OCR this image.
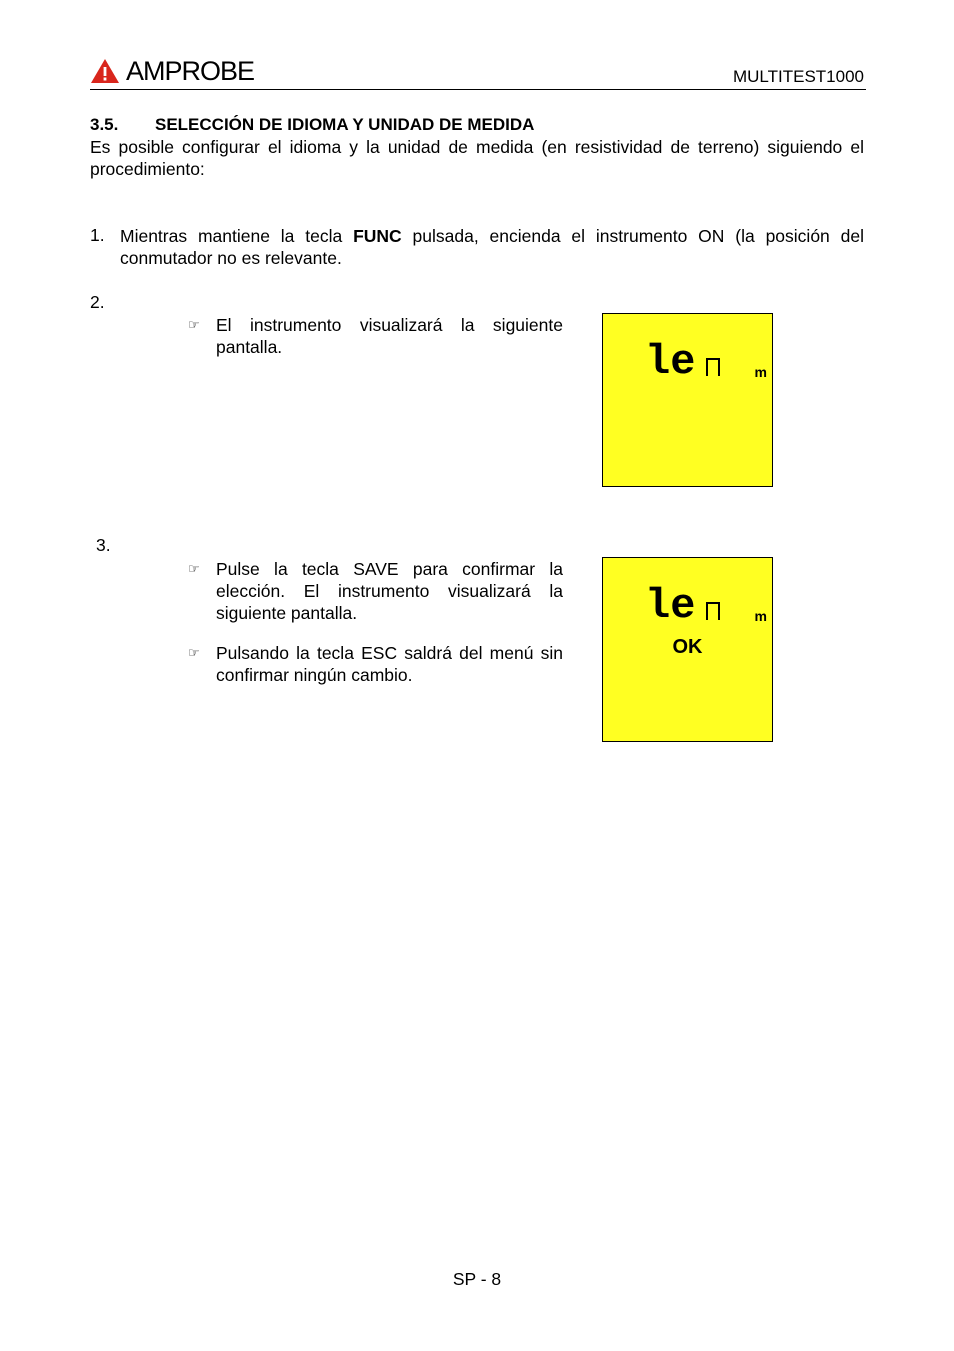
AMPROBE	MULTITEST1000
3.5. SELECCIÓN DE IDIOMA Y UNIDAD DE MEDIDA
Es posible configurar el idioma y la unidad de medida (en resistividad de terreno) siguiendo el procedimiento:
1. Mientras mantiene la tecla FUNC pulsada, encienda el instrumento ON (la posición del conmutador no es relevante.
2.
☞ El instrumento visualizará la siguiente pantalla.	le	m
3.
☞ Pulse la tecla SAVE para confirmar la elección. El instrumento visualizará la siguiente pantalla.
☞ Pulsando la tecla ESC saldrá del menú sin confirmar ningún cambio.
le	m
OK
SP - 8
